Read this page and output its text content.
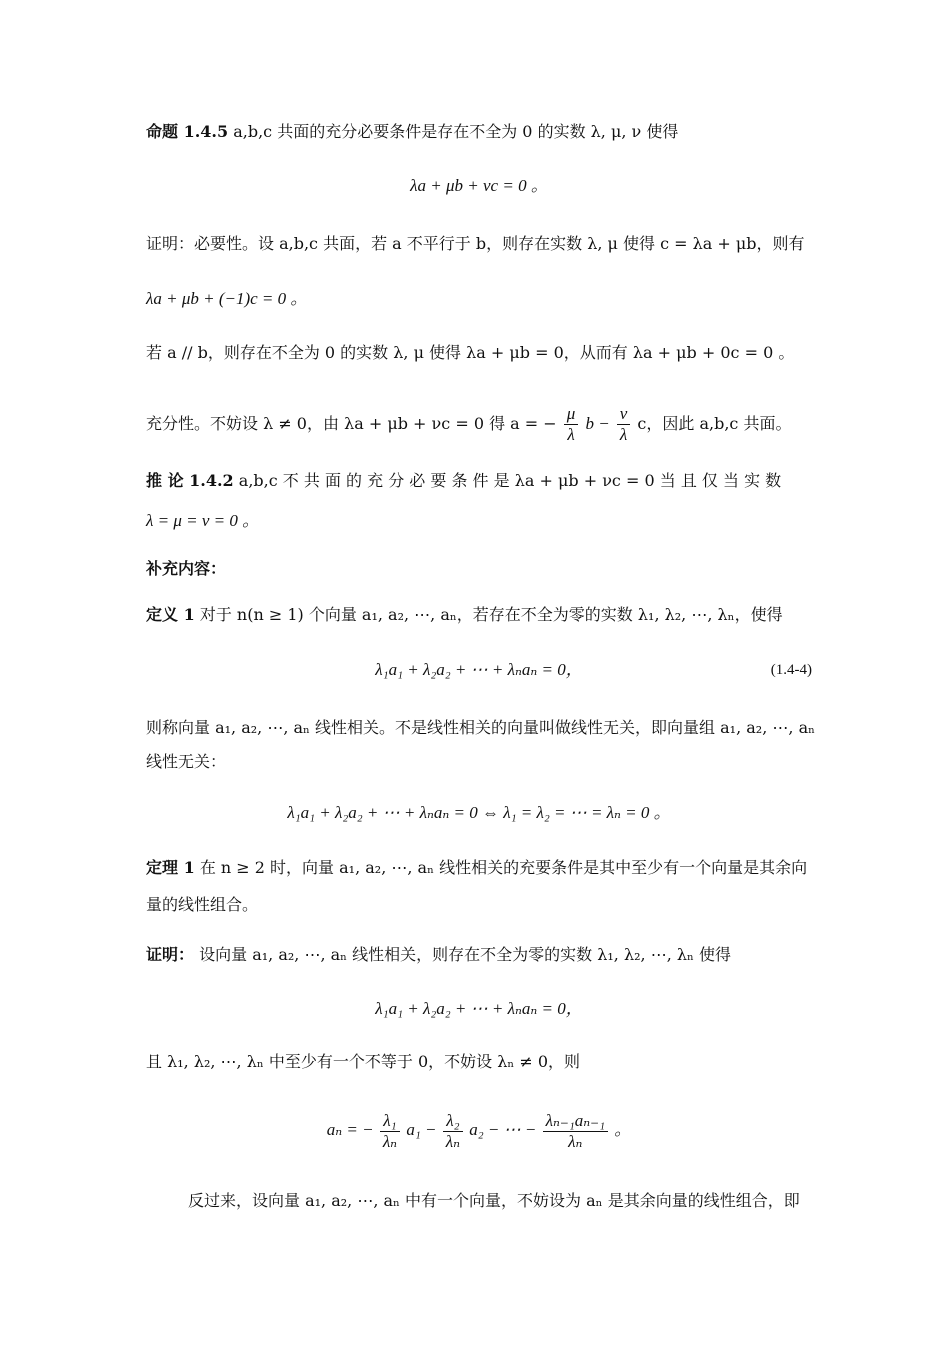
命题 1.4.5 a,b,c 共面的充分必要条件是存在不全为 0 的实数 λ, μ, ν 使得
λa + μb + νc = 0 。
证明：必要性。设 a,b,c 共面，若 a 不平行于 b，则存在实数 λ, μ 使得 c = λa + μb，则有
λa + μb + (−1)c = 0 。
若 a // b，则存在不全为 0 的实数 λ, μ 使得 λa + μb = 0，从而有 λa + μb + 0c = 0 。
充分性。不妨设 λ ≠ 0，由 λa + μb + νc = 0 得 a = − $\frac{\mu}{\lambda}$ $b - \frac{\nu}{\lambda}$ c，因此 a,b,c 共面。
推 论 1.4.2 a,b,c 不 共 面 的 充 分 必 要 条 件 是 λa + μb + νc = 0 当 且 仅 当 实 数
λ = μ = ν = 0 。
补充内容：
定义 1 对于 n(n ≥ 1) 个向量 a₁, a₂, ⋯, aₙ，若存在不全为零的实数 λ₁, λ₂, ⋯, λₙ，使得
λ₁a₁ + λ₂a₂ + ⋯ + λₙaₙ = 0，	(1.4-4)
则称向量 a₁, a₂, ⋯, aₙ 线性相关。不是线性相关的向量叫做线性无关，即向量组 a₁, a₂, ⋯, aₙ
线性无关：
λ₁a₁ + λ₂a₂ + ⋯ + λₙaₙ = 0 ⇔ λ₁ = λ₂ = ⋯ = λₙ = 0 。
定理 1 在 n ≥ 2 时，向量 a₁, a₂, ⋯, aₙ 线性相关的充要条件是其中至少有一个向量是其余向
量的线性组合。
证明： 设向量 a₁, a₂, ⋯, aₙ 线性相关，则存在不全为零的实数 λ₁, λ₂, ⋯, λₙ 使得
λ₁a₁ + λ₂a₂ + ⋯ + λₙaₙ = 0，
且 λ₁, λ₂, ⋯, λₙ 中至少有一个不等于 0，不妨设 λₙ ≠ 0，则
aₙ = − $\frac{\text{λ₁}}{\text{λₙ}} a_1 - \frac{\text{λ₂}}{\text{λₙ}} a_2$ − ⋯ − $\frac{\text{λₙ₋₁aₙ₋₁}}{\text{λₙ}}$ 。
反过来，设向量 a₁, a₂, ⋯, aₙ 中有一个向量，不妨设为 aₙ 是其余向量的线性组合，即
